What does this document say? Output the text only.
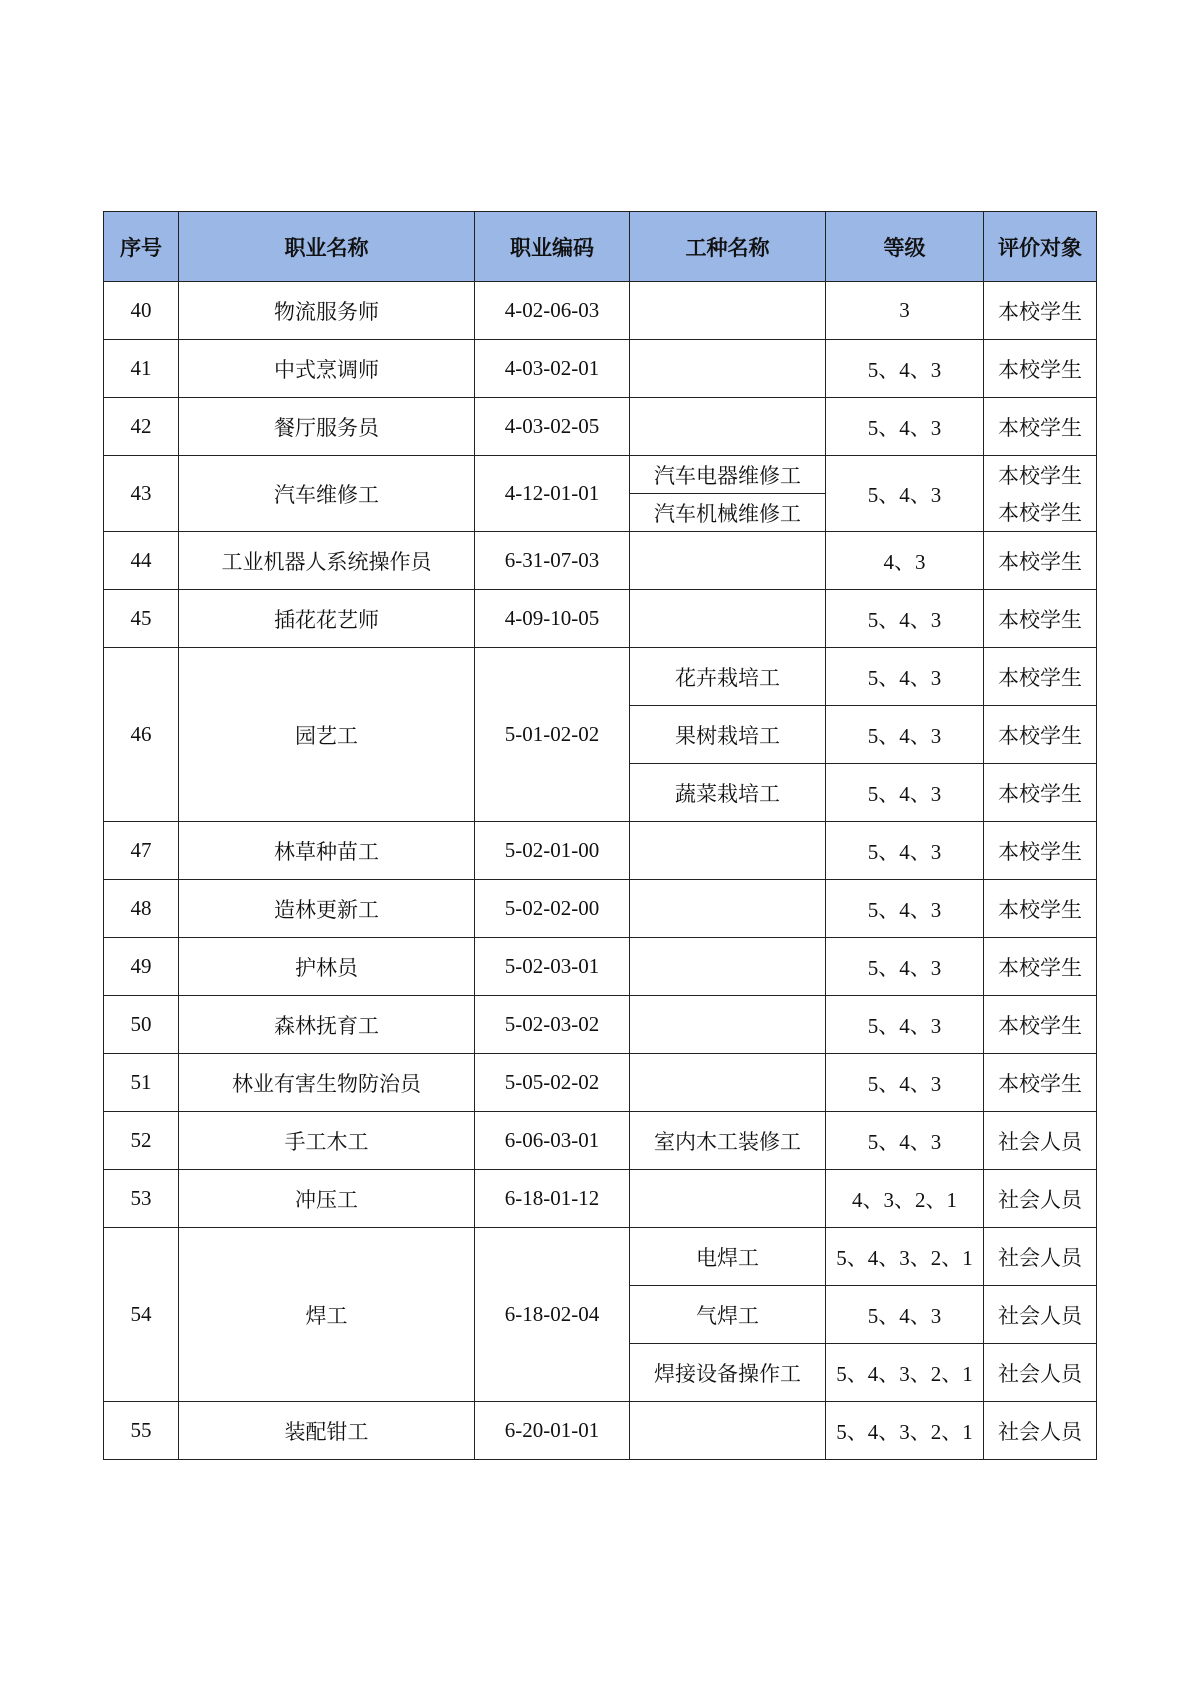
序号	职业名称	职业编码	工种名称	等级	评价对象
40	物流服务师	4-02-06-03		3	本校学生
41	中式烹调师	4-03-02-01		5、4、3	本校学生
42	餐厅服务员	4-03-02-05		5、4、3	本校学生
43	汽车维修工	4-12-01-01	汽车电器维修工	5、4、3	本校学生
			汽车机械维修工		本校学生
44	工业机器人系统操作员	6-31-07-03		4、3	本校学生
45	插花花艺师	4-09-10-05		5、4、3	本校学生
46	园艺工	5-01-02-02	花卉栽培工	5、4、3	本校学生
			果树栽培工	5、4、3	本校学生
			蔬菜栽培工	5、4、3	本校学生
47	林草种苗工	5-02-01-00		5、4、3	本校学生
48	造林更新工	5-02-02-00		5、4、3	本校学生
49	护林员	5-02-03-01		5、4、3	本校学生
50	森林抚育工	5-02-03-02		5、4、3	本校学生
51	林业有害生物防治员	5-05-02-02		5、4、3	本校学生
52	手工木工	6-06-03-01	室内木工装修工	5、4、3	社会人员
53	冲压工	6-18-01-12		4、3、2、1	社会人员
54	焊工	6-18-02-04	电焊工	5、4、3、2、1	社会人员
			气焊工	5、4、3	社会人员
			焊接设备操作工	5、4、3、2、1	社会人员
55	装配钳工	6-20-01-01		5、4、3、2、1	社会人员
